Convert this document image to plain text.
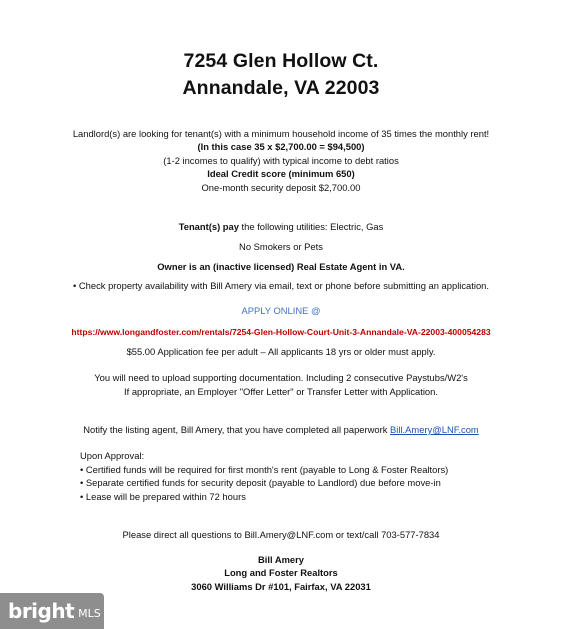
7254 Glen Hollow Ct.
Annandale, VA 22003
Landlord(s) are looking for tenant(s) with a minimum household income of 35 times the monthly rent!
(In this case 35 x $2,700.00 = $94,500)
(1-2 incomes to qualify) with typical income to debt ratios
Ideal Credit score (minimum 650)
One-month security deposit $2,700.00
Tenant(s) pay the following utilities: Electric, Gas
No Smokers or Pets
Owner is an (inactive licensed) Real Estate Agent in VA.
• Check property availability with Bill Amery via email, text or phone before submitting an application.
APPLY ONLINE @
https://www.longandfoster.com/rentals/7254-Glen-Hollow-Court-Unit-3-Annandale-VA-22003-400054283
$55.00 Application fee per adult – All applicants 18 yrs or older must apply.
You will need to upload supporting documentation. Including 2 consecutive Paystubs/W2's
If appropriate, an Employer "Offer Letter" or Transfer Letter with Application.
Notify the listing agent, Bill Amery, that you have completed all paperwork Bill.Amery@LNF.com
Upon Approval:
• Certified funds will be required for first month's rent (payable to Long & Foster Realtors)
• Separate certified funds for security deposit (payable to Landlord) due before move-in
• Lease will be prepared within 72 hours
Please direct all questions to Bill.Amery@LNF.com or text/call 703-577-7834
Bill Amery
Long and Foster Realtors
3060 Williams Dr #101, Fairfax, VA 22031
bright MLS
